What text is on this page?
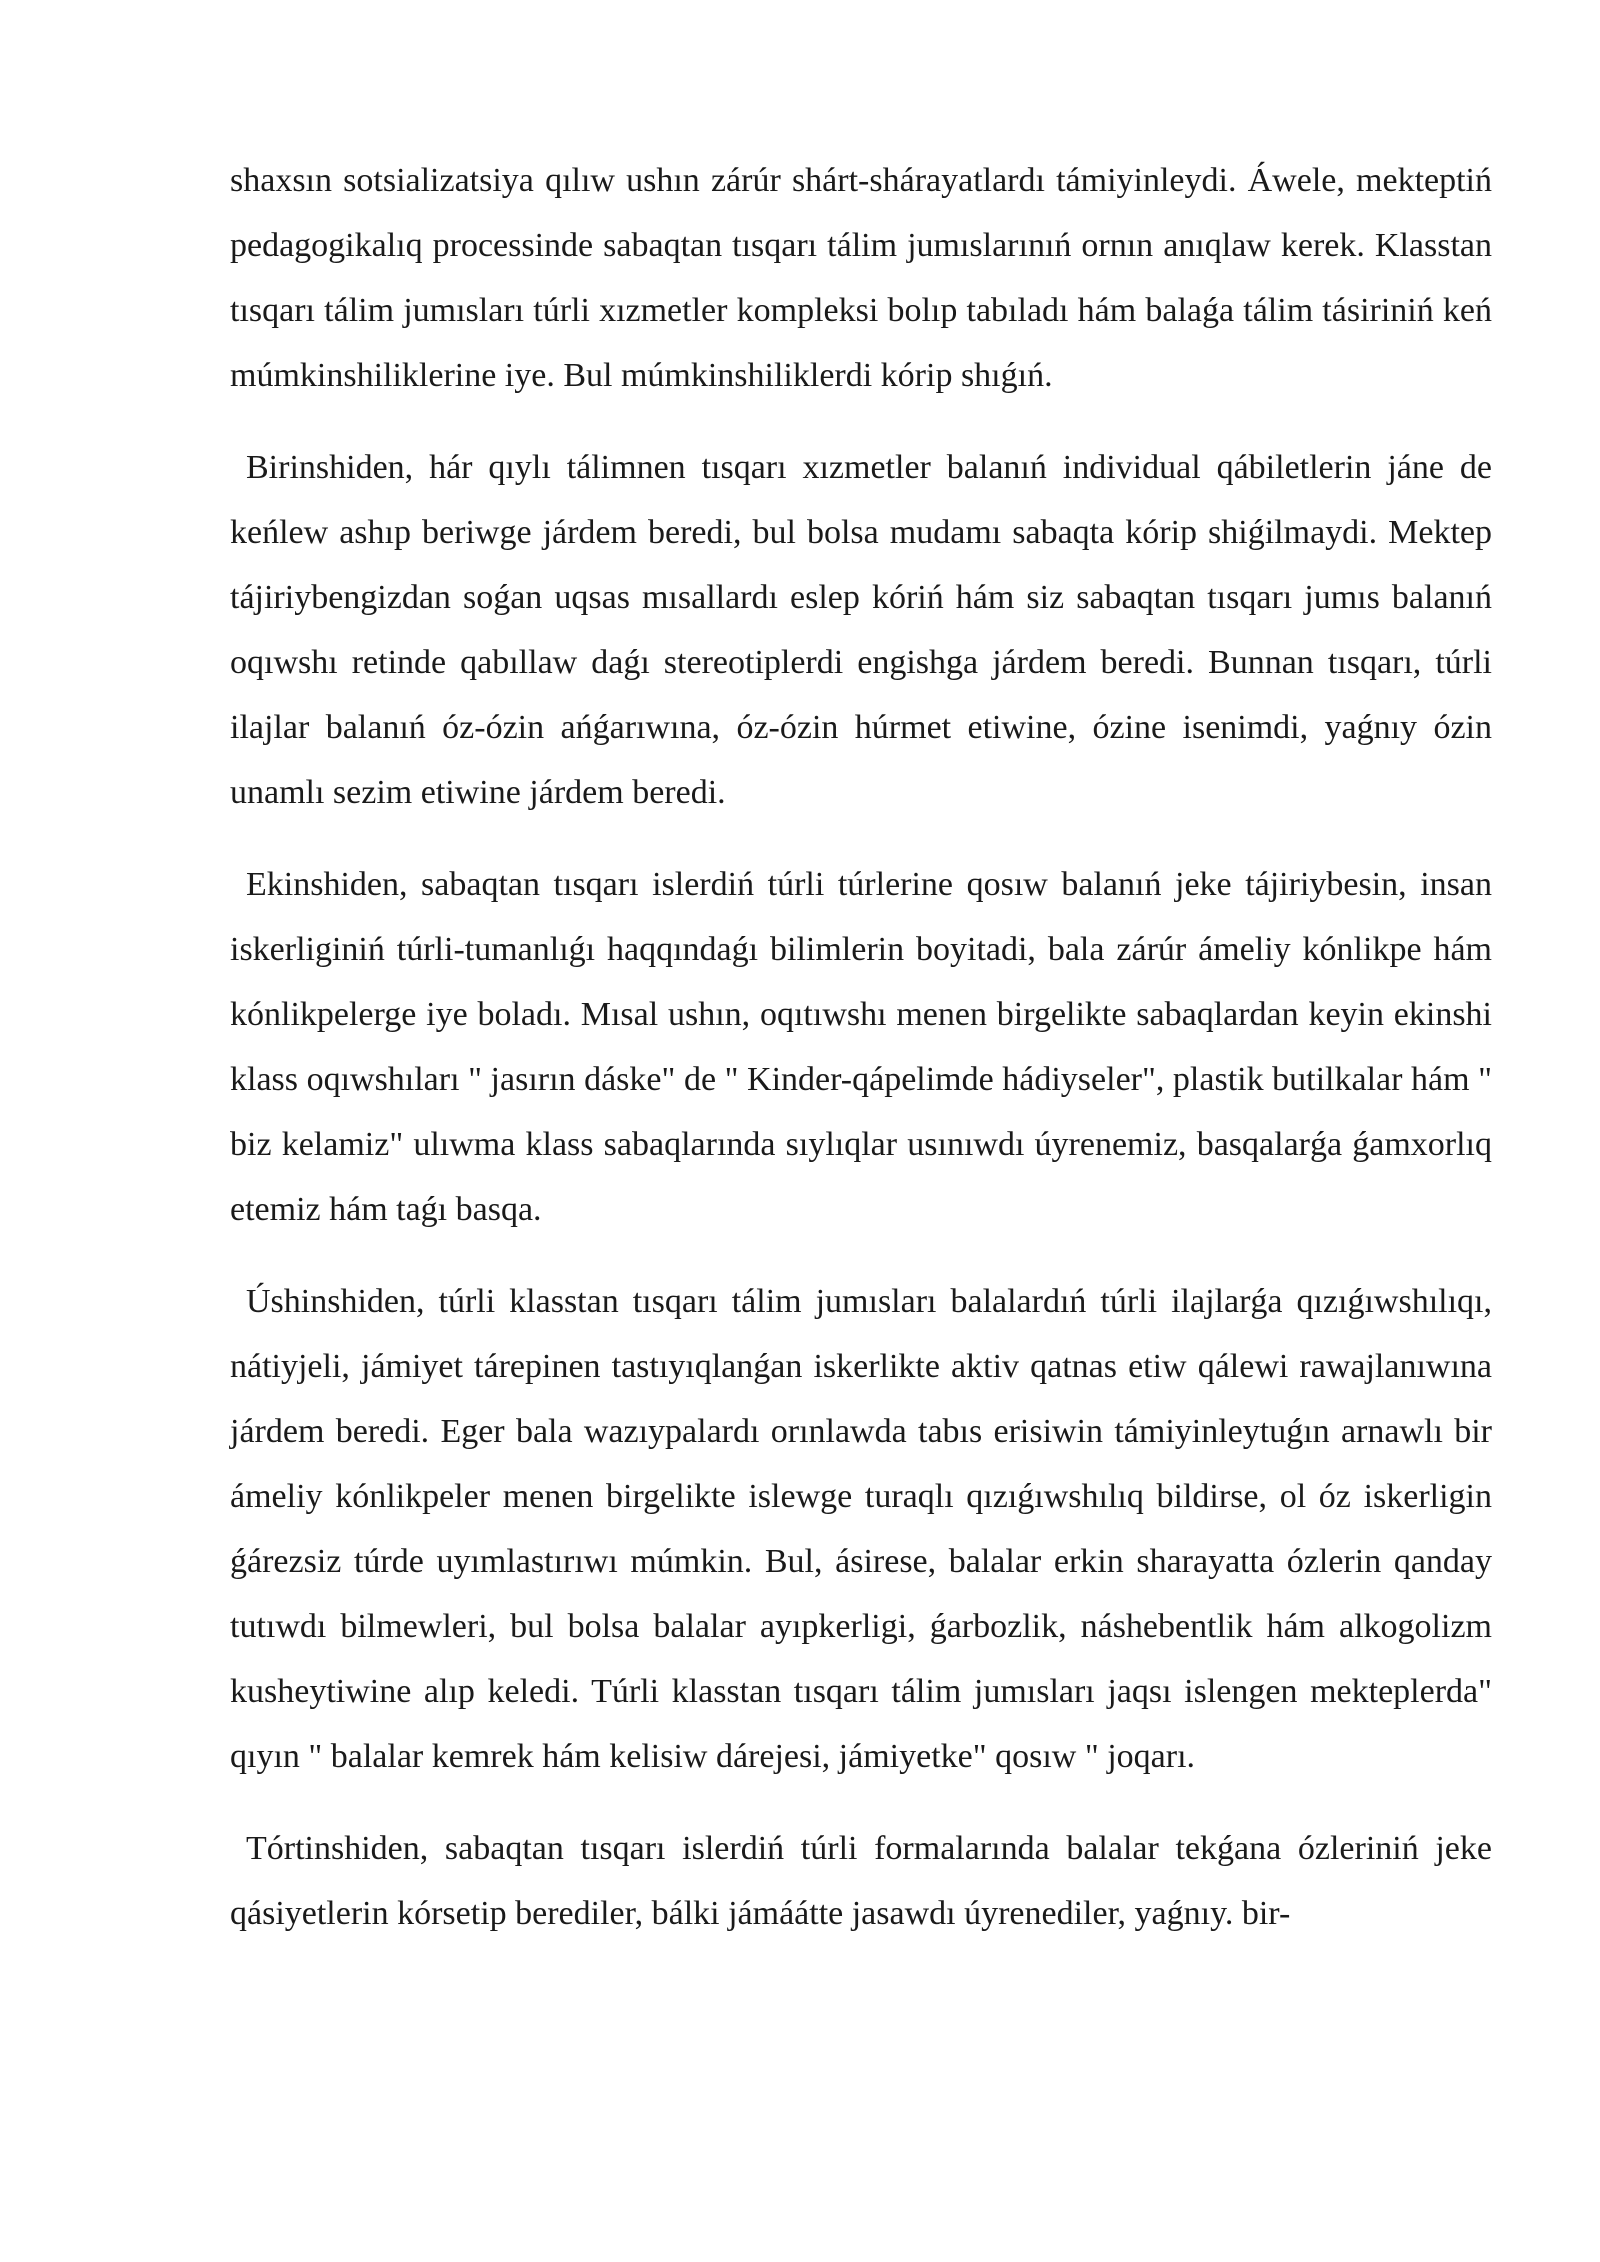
shaxsın sotsializatsiya qılıw ushın zárúr shárt-shárayatlardı támiyinleydi. Áwele, mekteptiń pedagogikalıq processinde sabaqtan tısqarı tálim jumıslarınıń ornın anıqlaw kerek. Klasstan tısqarı tálim jumısları túrli xızmetler kompleksi bolıp tabıladı hám balaǵa tálim tásiriniń keń múmkinshiliklerine iye. Bul múmkinshiliklerdi kórip shıǵıń.

Birinshiden, hár qıylı tálimnen tısqarı xızmetler balanıń individual qábiletlerin jáne de keńlew ashıp beriwge járdem beredi, bul bolsa mudamı sabaqta kórip shiǵilmaydi. Mektep tájiriybengizdan soǵan uqsas mısallardı eslep kóriń hám siz sabaqtan tısqarı jumıs balanıń oqıwshı retinde qabıllaw daǵı stereotiplerdi engishga járdem beredi. Bunnan tısqarı, túrli ilajlar balanıń óz-ózin ańǵarıwına, óz-ózin húrmet etiwine, ózine isenimdi, yaǵnıy ózin unamlı sezim etiwine járdem beredi.

Ekinshiden, sabaqtan tısqarı islerdiń túrli túrlerine qosıw balanıń jeke tájiriybesin, insan iskerliginiń túrli-tumanlıǵı haqqındaǵı bilimlerin boyitadi, bala zárúr ámeliy kónlikpe hám kónlikpelerge iye boladı. Mısal ushın, oqıtıwshı menen birgelikte sabaqlardan keyin ekinshi klass oqıwshıları " jasırın dáske" de " Kinder-qápelimde hádiyseler", plastik butilkalar hám " biz kelamiz" ulıwma klass sabaqlarında sıylıqlar usınıwdı úyrenemiz, basqalarǵa ǵamxorlıq etemiz hám taǵı basqa.

Úshinshiden, túrli klasstan tısqarı tálim jumısları balalardıń túrli ilajlarǵa qızıǵıwshılıqı, nátiyjeli, jámiyet tárepinen tastıyıqlanǵan iskerlikte aktiv qatnas etiw qálewi rawajlanıwına járdem beredi. Eger bala wazıypalardı orınlawda tabıs erisiwin támiyinleytuǵın arnawlı bir ámeliy kónlikpeler menen birgelikte islewge turaqlı qızıǵıwshılıq bildirse, ol óz iskerligin ǵárezsiz túrde uyımlastırıwı múmkin. Bul, ásirese, balalar erkin sharayatta ózlerin qanday tutıwdı bilmewleri, bul bolsa balalar ayıpkerligi, ǵarbozlik, náshebentlik hám alkogolizm kusheytiwine alıp keledi. Túrli klasstan tısqarı tálim jumısları jaqsı islengen mekteplerda" qıyın " balalar kemrek hám kelisiw dárejesi, jámiyetke" qosıw " joqarı.

Tórtinshiden, sabaqtan tısqarı islerdiń túrli formalarında balalar tekǵana ózleriniń jeke qásiyetlerin kórsetip berediler, bálki jámáátte jasawdı úyrenediler, yaǵnıy. bir-
